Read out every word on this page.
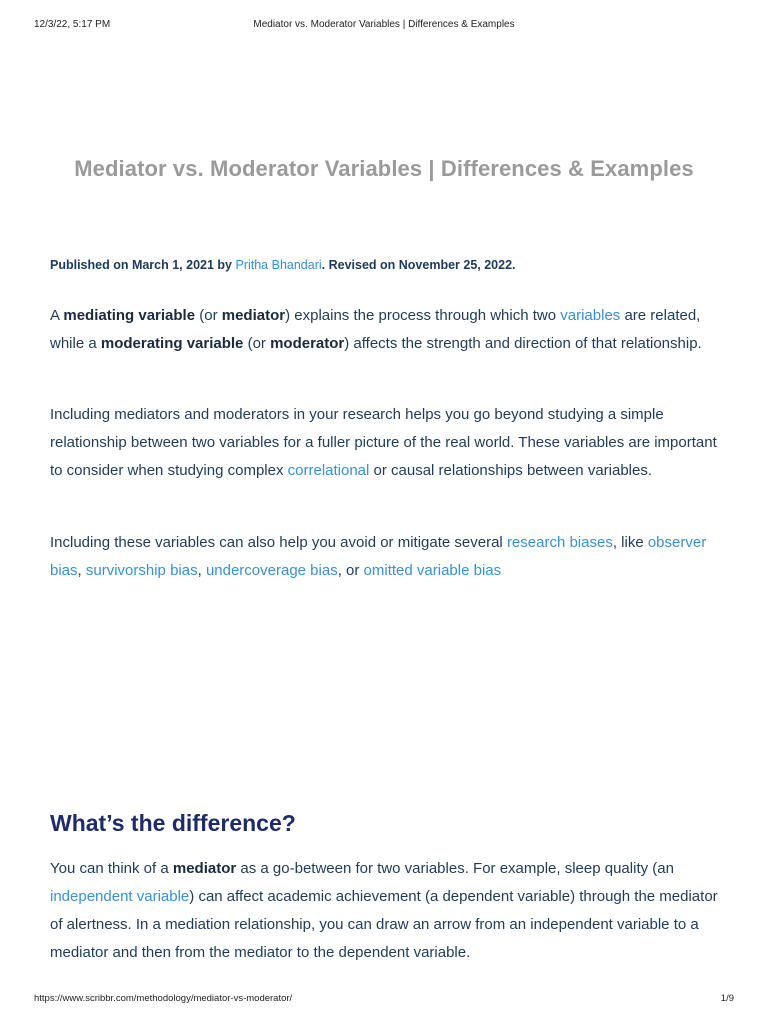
12/3/22, 5:17 PM	Mediator vs. Moderator Variables | Differences & Examples
Mediator vs. Moderator Variables | Differences & Examples
Published on March 1, 2021 by Pritha Bhandari. Revised on November 25, 2022.

A mediating variable (or mediator) explains the process through which two variables are related, while a moderating variable (or moderator) affects the strength and direction of that relationship.

Including mediators and moderators in your research helps you go beyond studying a simple relationship between two variables for a fuller picture of the real world. These variables are important to consider when studying complex correlational or causal relationships between variables.

Including these variables can also help you avoid or mitigate several research biases, like observer bias, survivorship bias, undercoverage bias, or omitted variable bias

What’s the difference?

You can think of a mediator as a go-between for two variables. For example, sleep quality (an independent variable) can affect academic achievement (a dependent variable) through the mediator of alertness. In a mediation relationship, you can draw an arrow from an independent variable to a mediator and then from the mediator to the dependent variable.

https://www.scribbr.com/methodology/mediator-vs-moderator/	1/9
